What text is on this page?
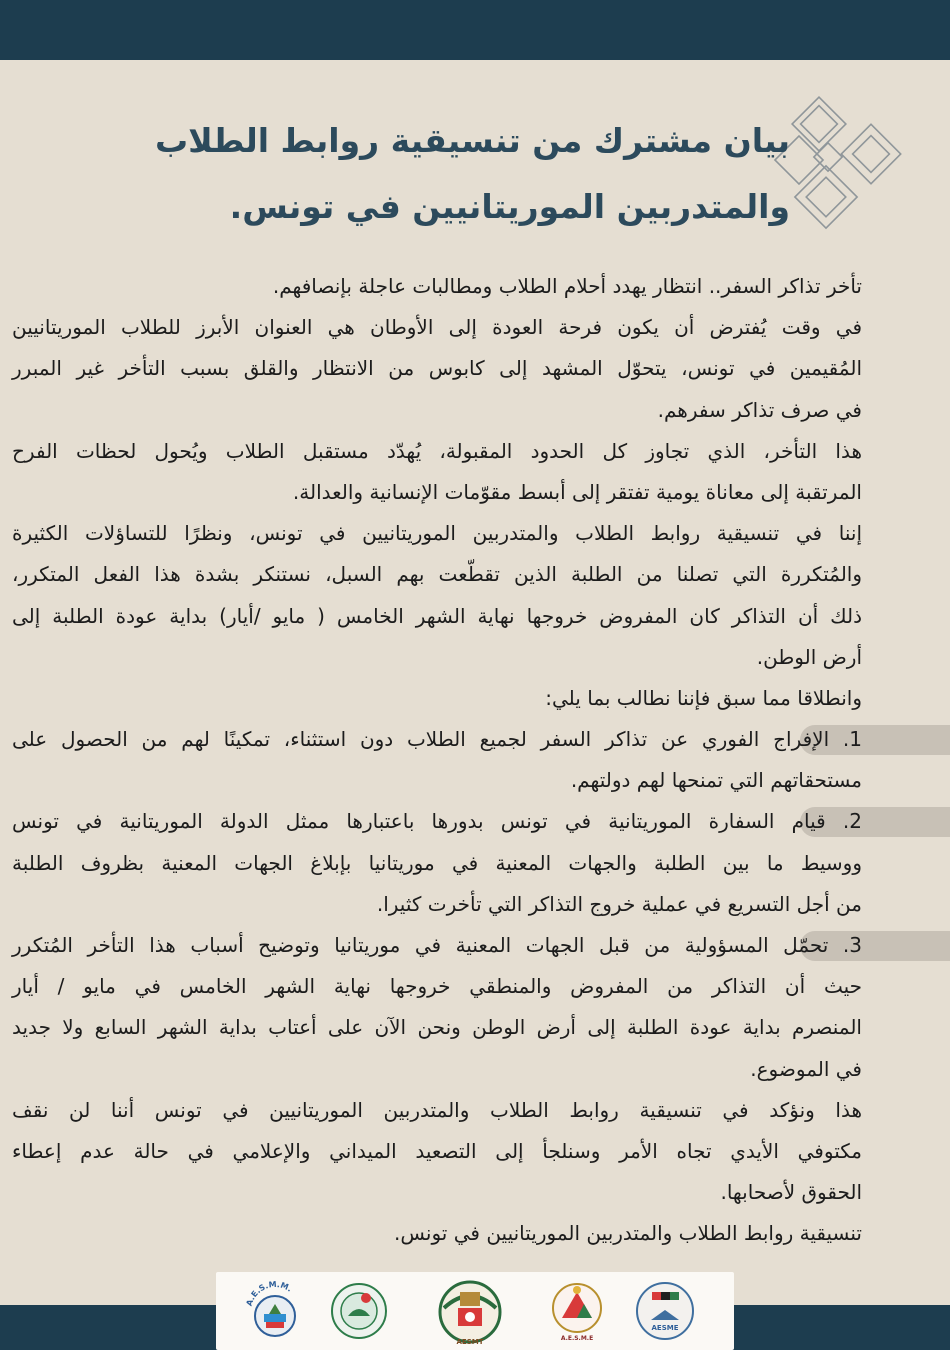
بيان مشترك من تنسيقية روابط الطلاب
والمتدربين الموريتانيين في تونس.
تأخر تذاكر السفر.. انتظار يهدد أحلام الطلاب ومطالبات عاجلة بإنصافهم.
في وقت يُفترض أن يكون فرحة العودة إلى الأوطان هي العنوان الأبرز للطلاب الموريتانيين
المُقيمين في تونس، يتحوّل المشهد إلى كابوس من الانتظار والقلق بسبب التأخر غير المبرر
في صرف تذاكر سفرهم.
هذا التأخر، الذي تجاوز كل الحدود المقبولة، يُهدّد مستقبل الطلاب ويُحول لحظات الفرح
المرتقبة إلى معاناة يومية تفتقر إلى أبسط مقوّمات الإنسانية والعدالة.
إننا في تنسيقية روابط الطلاب والمتدربين الموريتانيين في تونس، ونظرًا للتساؤلات الكثيرة
والمُتكررة التي تصلنا من الطلبة الذين تقطّعت بهم السبل، نستنكر بشدة هذا الفعل المتكرر،
ذلك أن التذاكر كان المفروض خروجها نهاية الشهر الخامس ( مايو /أيار) بداية عودة الطلبة إلى
أرض الوطن.
وانطلاقا مما سبق فإننا نطالب بما يلي:
1. الإفراج الفوري عن تذاكر السفر لجميع الطلاب دون استثناء، تمكينًا لهم من الحصول على
مستحقاتهم التي تمنحها لهم دولتهم.
2. قيام السفارة الموريتانية في تونس بدورها باعتبارها ممثل الدولة الموريتانية في تونس
ووسيط ما بين الطلبة والجهات المعنية في موريتانيا بإبلاغ الجهات المعنية بظروف الطلبة
من أجل التسريع في عملية خروج التذاكر التي تأخرت كثيرا.
3. تحمّل المسؤولية من قبل الجهات المعنية في موريتانيا وتوضيح أسباب هذا التأخر المُتكرر
حيث أن التذاكر من المفروض والمنطقي خروجها نهاية الشهر الخامس في مايو / أيار
المنصرم بداية عودة الطلبة إلى أرض الوطن ونحن الآن على أعتاب بداية الشهر السابع ولا جديد
في الموضوع.
هذا ونؤكد في تنسيقية روابط الطلاب والمتدربين الموريتانيين في تونس أننا لن نقف
مكتوفي الأيدي تجاه الأمر وسنلجأ إلى التصعيد الميداني والإعلامي في حالة عدم إعطاء
الحقوق لأصحابها.
تنسيقية روابط الطلاب والمتدربين الموريتانيين في تونس.
A.E.S.M.M.
AESMT	A.E.S.M.E
AESME
